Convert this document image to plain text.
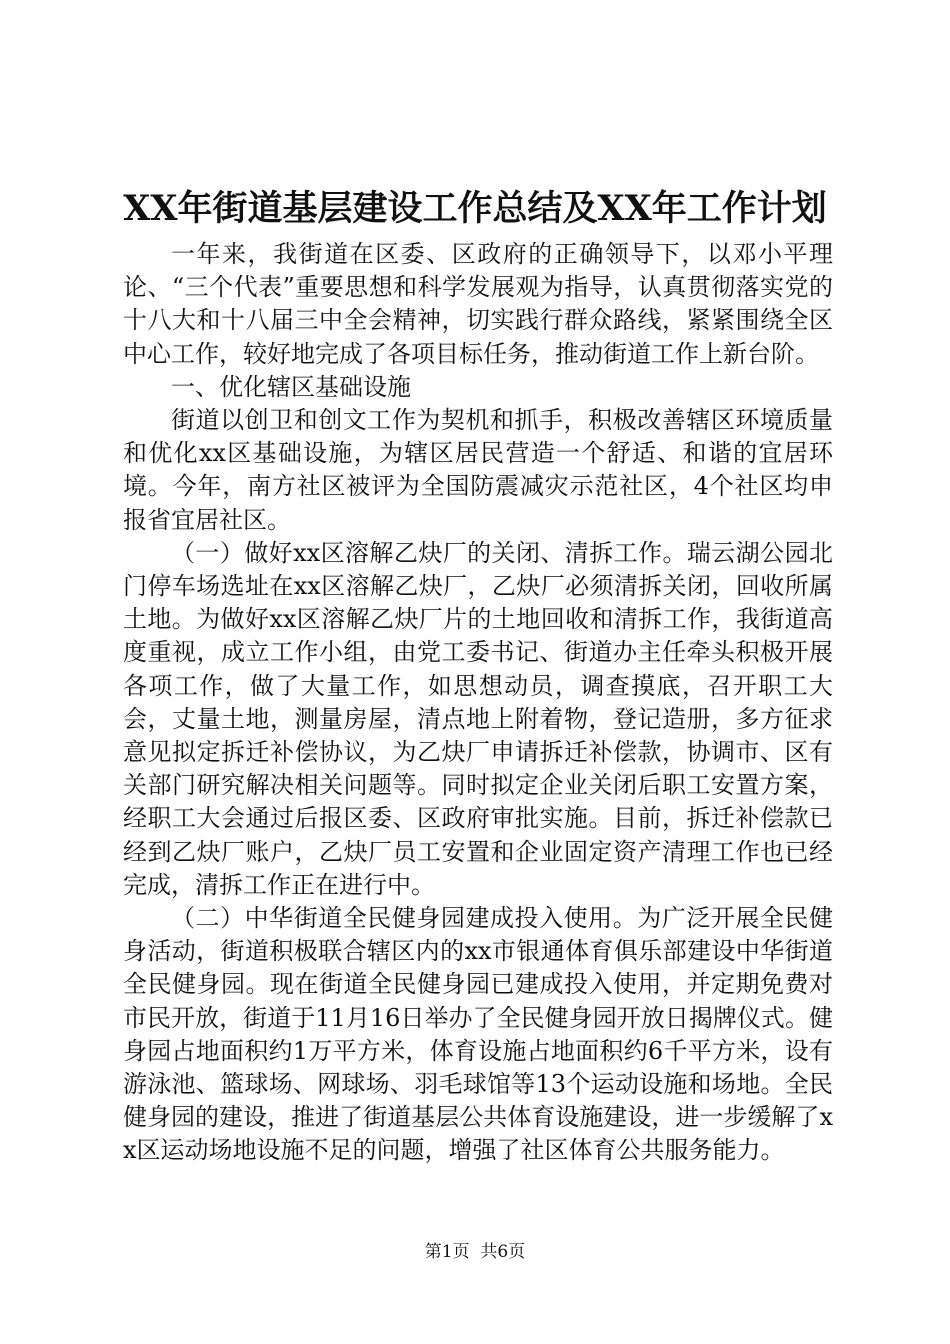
XX年街道基层建设工作总结及XX年工作计划

一年来，我街道在区委、区政府的正确领导下，以邓小平理论、“三个代表”重要思想和科学发展观为指导，认真贯彻落实党的十八大和十八届三中全会精神，切实践行群众路线，紧紧围绕全区中心工作，较好地完成了各项目标任务，推动街道工作上新台阶。

一、优化辖区基础设施

街道以创卫和创文工作为契机和抓手，积极改善辖区环境质量和优化xx区基础设施，为辖区居民营造一个舒适、和谐的宜居环境。今年，南方社区被评为全国防震减灾示范社区，4个社区均申报省宜居社区。

（一）做好xx区溶解乙炔厂的关闭、清拆工作。瑞云湖公园北门停车场选址在xx区溶解乙炔厂，乙炔厂必须清拆关闭，回收所属土地。为做好xx区溶解乙炔厂片的土地回收和清拆工作，我街道高度重视，成立工作小组，由党工委书记、街道办主任牵头积极开展各项工作，做了大量工作，如思想动员，调查摸底，召开职工大会，丈量土地，测量房屋，清点地上附着物，登记造册，多方征求意见拟定拆迁补偿协议，为乙炔厂申请拆迁补偿款，协调市、区有关部门研究解决相关问题等。同时拟定企业关闭后职工安置方案，经职工大会通过后报区委、区政府审批实施。目前，拆迁补偿款已经到乙炔厂账户，乙炔厂员工安置和企业固定资产清理工作也已经完成，清拆工作正在进行中。

（二）中华街道全民健身园建成投入使用。为广泛开展全民健身活动，街道积极联合辖区内的xx市银通体育俱乐部建设中华街道全民健身园。现在街道全民健身园已建成投入使用，并定期免费对市民开放，街道于11月16日举办了全民健身园开放日揭牌仪式。健身园占地面积约1万平方米，体育设施占地面积约6千平方米，设有游泳池、篮球场、网球场、羽毛球馆等13个运动设施和场地。全民健身园的建设，推进了街道基层公共体育设施建设，进一步缓解了xx区运动场地设施不足的问题，增强了社区体育公共服务能力。

第1页  共6页
